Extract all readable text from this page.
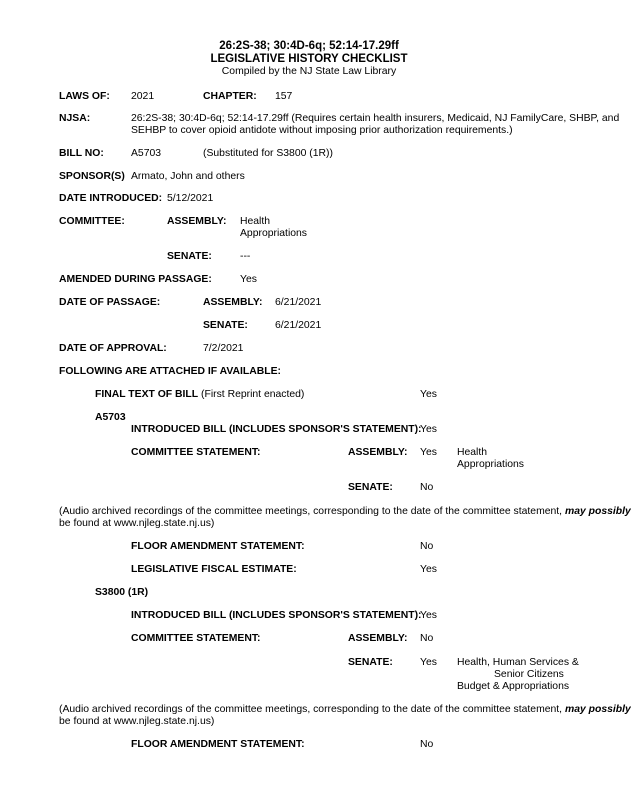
26:2S-38; 30:4D-6q; 52:14-17.29ff
LEGISLATIVE HISTORY CHECKLIST
Compiled by the NJ State Law Library
LAWS OF: 2021	CHAPTER: 157
NJSA:	26:2S-38; 30:4D-6q; 52:14-17.29ff (Requires certain health insurers, Medicaid, NJ FamilyCare, SHBP, and
SEHBP to cover opioid antidote without imposing prior authorization requirements.)
BILL NO:	A5703	(Substituted for S3800 (1R))
SPONSOR(S) Armato, John and others
DATE INTRODUCED: 5/12/2021
COMMITTEE:	ASSEMBLY: Health
Appropriations
SENATE:	---
AMENDED DURING PASSAGE:	Yes
DATE OF PASSAGE:	ASSEMBLY: 6/21/2021
SENATE:	6/21/2021
DATE OF APPROVAL:	7/2/2021
FOLLOWING ARE ATTACHED IF AVAILABLE:
FINAL TEXT OF BILL (First Reprint enacted)	Yes
A5703
INTRODUCED BILL (INCLUDES SPONSOR'S STATEMENT):
Yes
COMMITTEE STATEMENT:	ASSEMBLY: Yes Health
Appropriations
SENATE:	No
(Audio archived recordings of the committee meetings, corresponding to the date of the committee statement, may possibly
be found at www.njleg.state.nj.us)
FLOOR AMENDMENT STATEMENT:	No
LEGISLATIVE FISCAL ESTIMATE:	Yes
S3800 (1R)
INTRODUCED BILL (INCLUDES SPONSOR'S STATEMENT):
Yes
COMMITTEE STATEMENT:	ASSEMBLY: No
SENATE:	Yes Health, Human Services &
Senior Citizens
Budget & Appropriations
(Audio archived recordings of the committee meetings, corresponding to the date of the committee statement, may possibly
be found at www.njleg.state.nj.us)
FLOOR AMENDMENT STATEMENT:	No
